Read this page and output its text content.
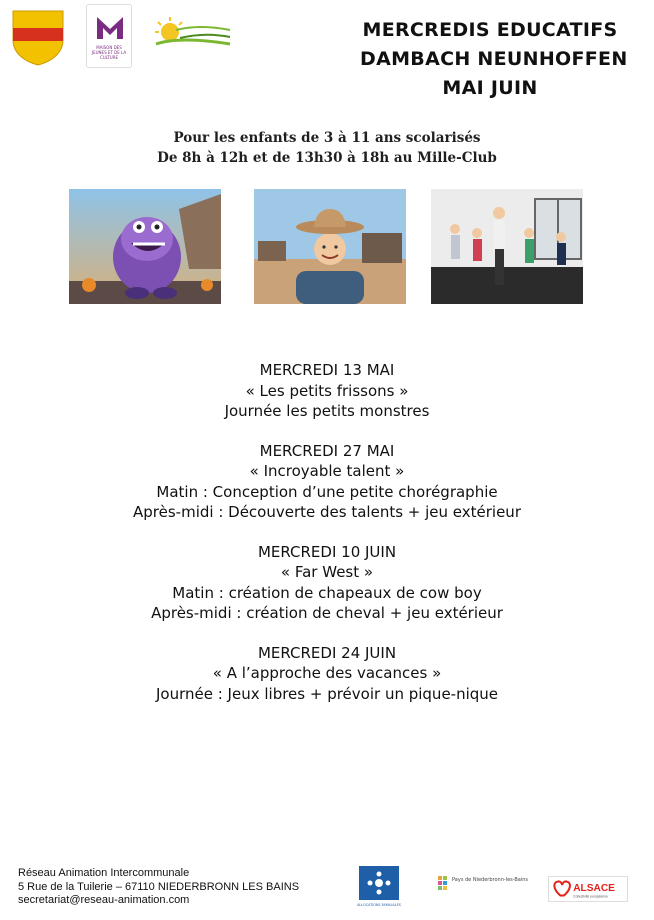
MAISON DES JEUNES ET DE LA CULTURE
MERCREDIS EDUCATIFS
DAMBACH NEUNHOFFEN
MAI JUIN
Pour les enfants de 3 à 11 ans scolarisés
De 8h à 12h et de 13h30 à 18h au Mille-Club
MERCREDI 13 MAI
« Les petits frissons »
Journée les petits monstres
MERCREDI 27 MAI
« Incroyable talent »
Matin : Conception d’une petite chorégraphie
Après-midi : Découverte des talents + jeu extérieur
MERCREDI 10 JUIN
« Far West »
Matin : création de chapeaux de cow boy
Après-midi : création de cheval + jeu extérieur
MERCREDI 24 JUIN
« A l’approche des vacances »
Journée : Jeux libres + prévoir un pique-nique
Réseau Animation Intercommunale
5 Rue de la Tuilerie – 67110 NIEDERBRONN LES BAINS
secretariat@reseau-animation.com	ALLOCATIONS FAMILIALES
Pays de Niederbronn-les-Bains
ALSACE
Collectivité européenne
